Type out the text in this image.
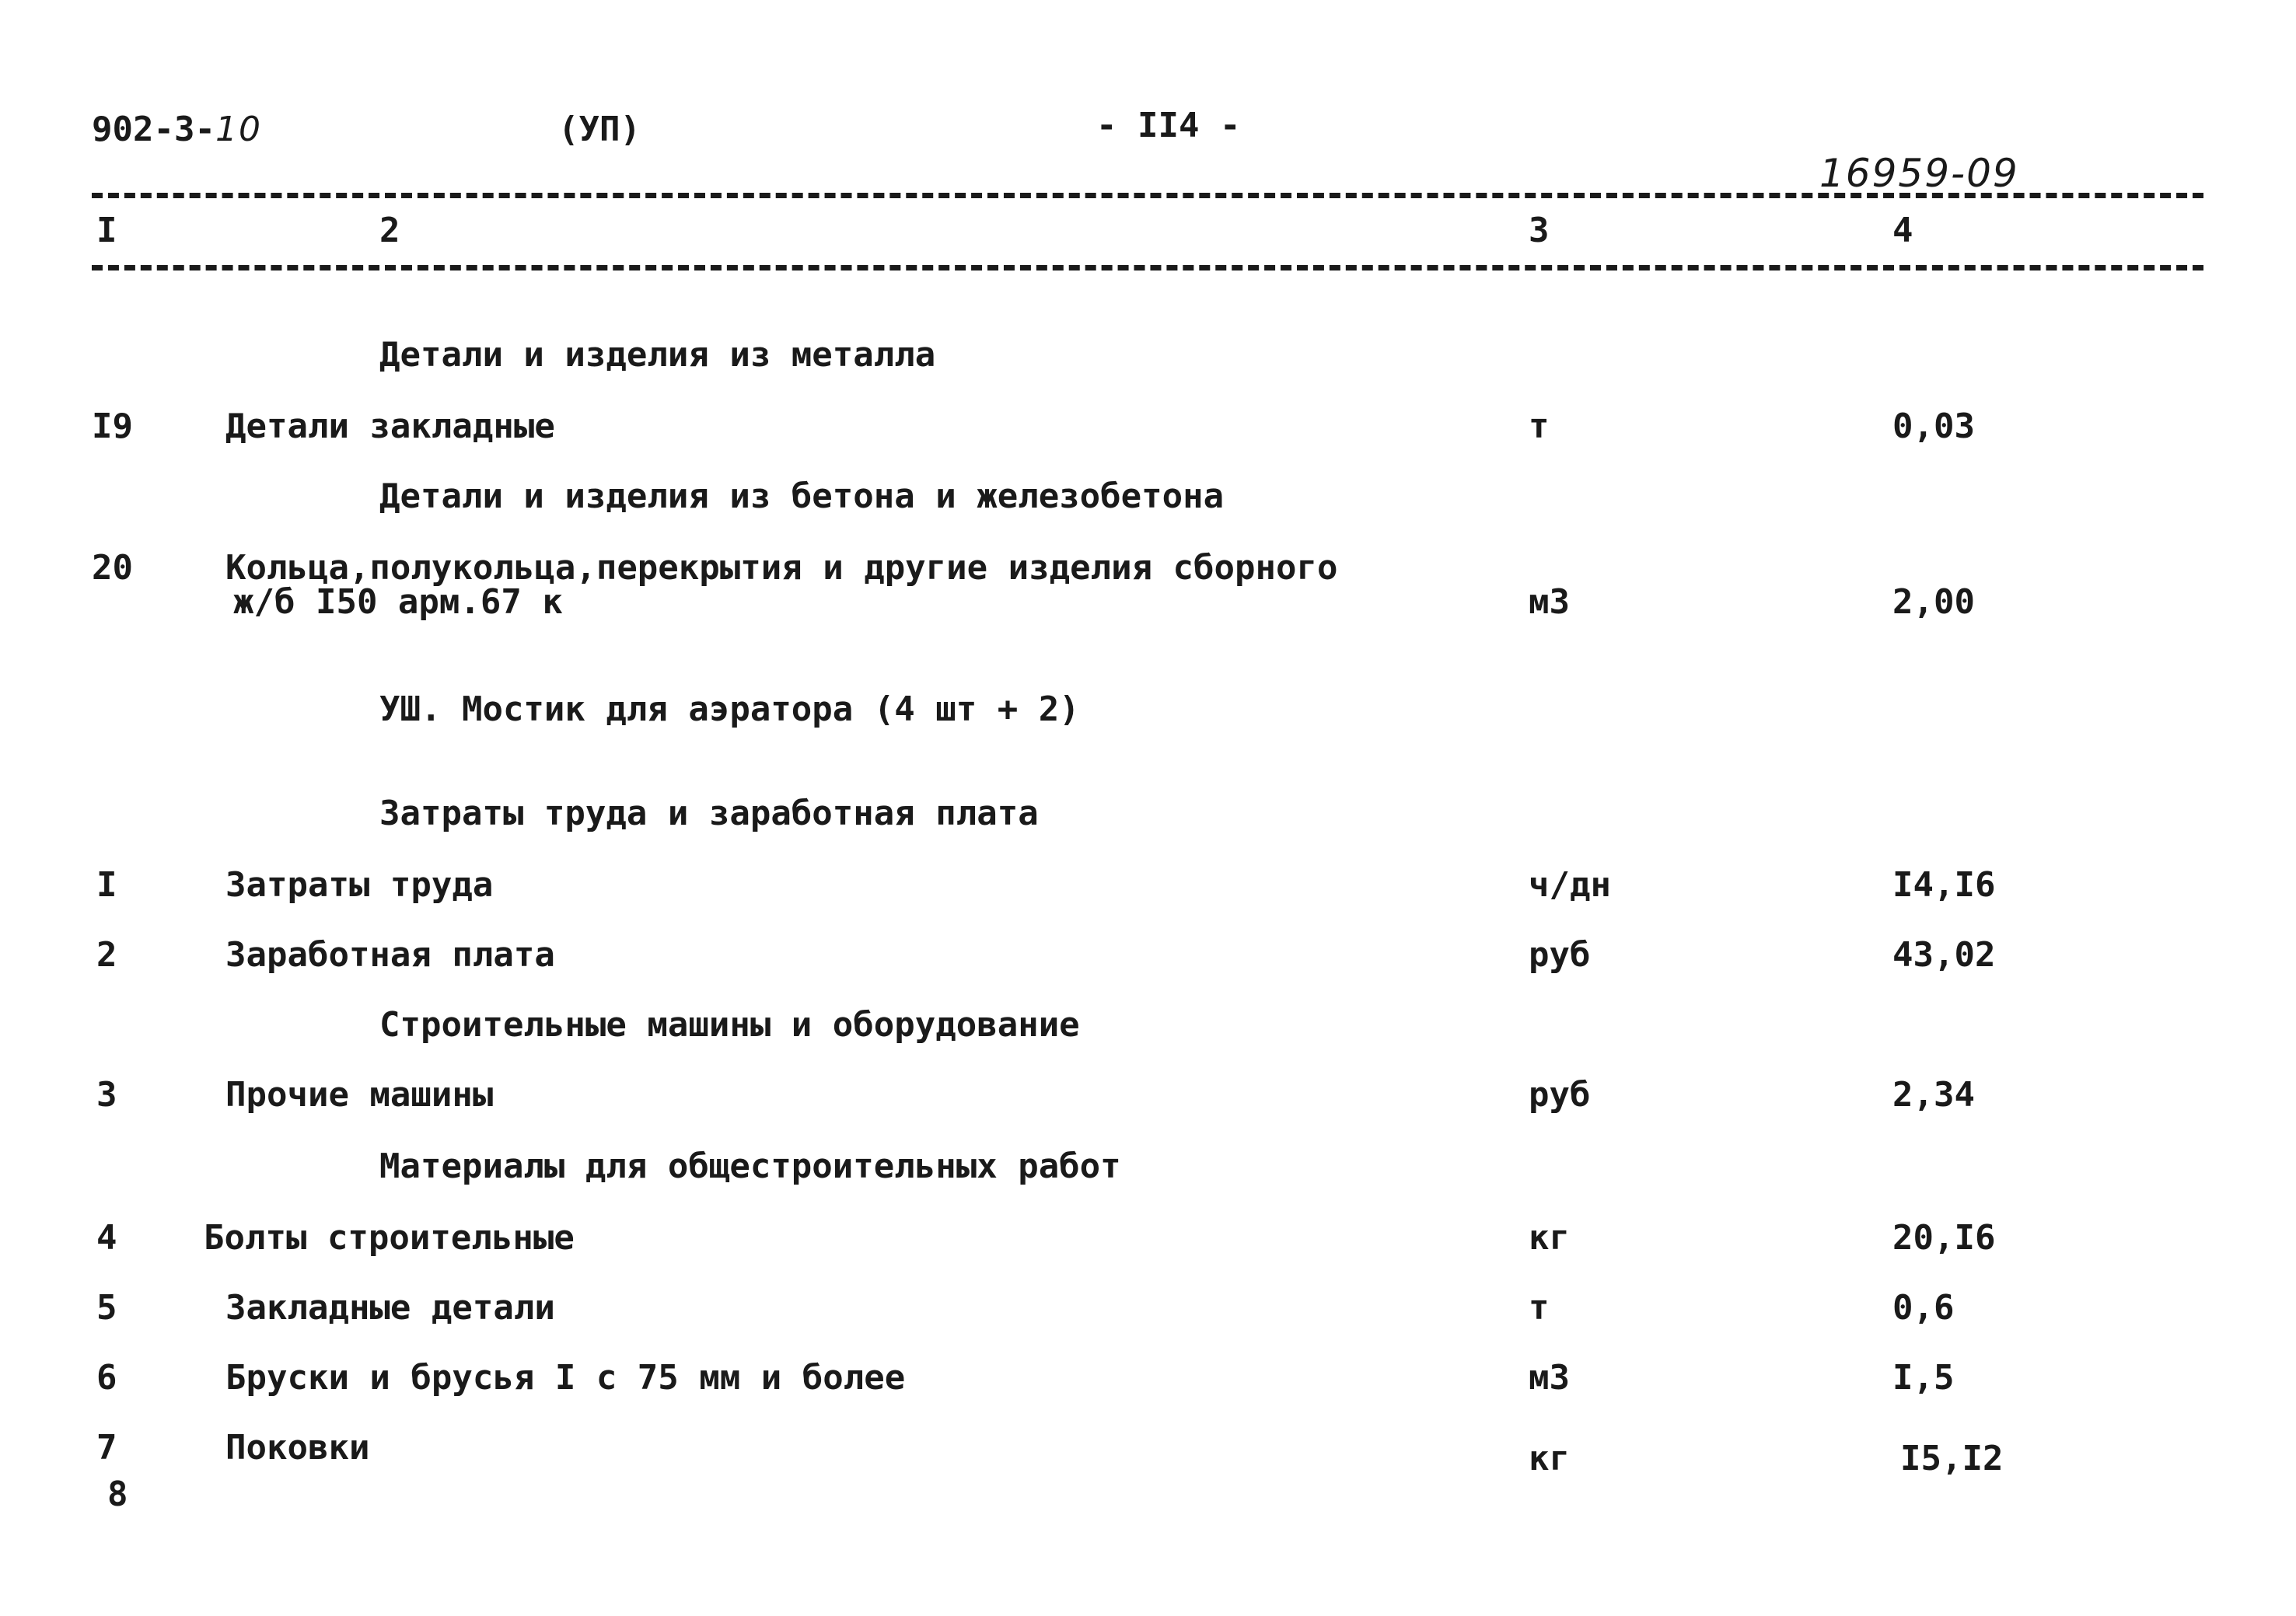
902-3-10	(УП)	- II4 -
16959-09
I	2	3	4
Детали и изделия из металла
I9	Детали закладные	т	0,03
Детали и изделия из бетона и железобетона
20	Кольца,полукольца,перекрытия и другие изделия сборного
ж/б I50 арм.67 к	м3	2,00
УШ. Мостик для аэратора (4 шт + 2)
Затраты труда и заработная плата
I	Затраты труда	ч/дн	I4,I6
2	Заработная плата	руб	43,02
Строительные машины и оборудование
3	Прочие машины	руб	2,34
Материалы для общестроительных работ
4	Болты строительные	кг	20,I6
5	Закладные детали	т	0,6
6	Бруски и брусья I с 75 мм и более	м3	I,5
7	Поковки	кг	I5,I2
8
